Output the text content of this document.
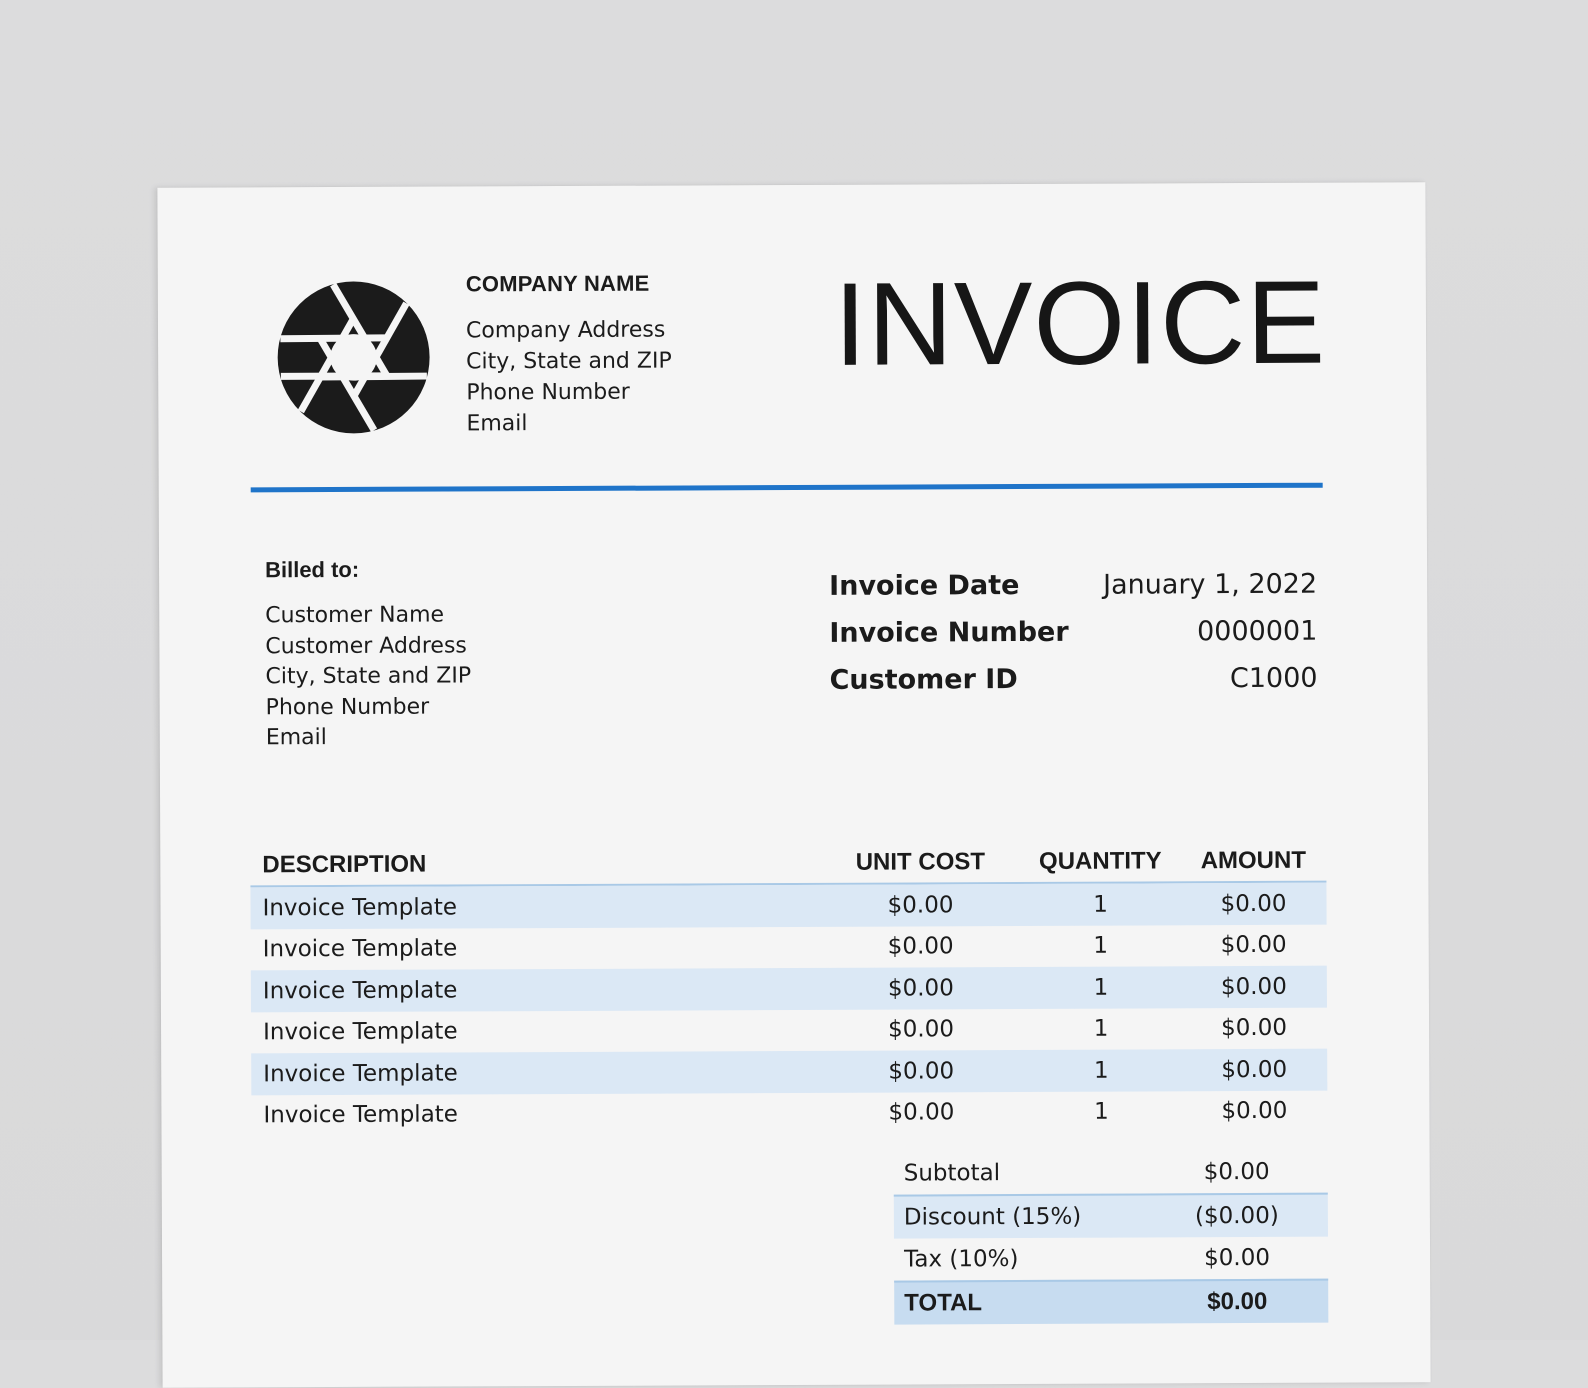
COMPANY NAME
Company Address
City, State and ZIP
Phone Number
Email
INVOICE
Billed to:
Customer Name
Customer Address
City, State and ZIP
Phone Number
Email
Invoice Date	January 1, 2022
Invoice Number	0000001
Customer ID	C1000
DESCRIPTION	UNIT COST	QUANTITY	AMOUNT
Invoice Template	$0.00	1	$0.00
Invoice Template	$0.00	1	$0.00
Invoice Template	$0.00	1	$0.00
Invoice Template	$0.00	1	$0.00
Invoice Template	$0.00	1	$0.00
Invoice Template	$0.00	1	$0.00
Subtotal	$0.00
Discount (15%)	($0.00)
Tax (10%)	$0.00
TOTAL	$0.00
